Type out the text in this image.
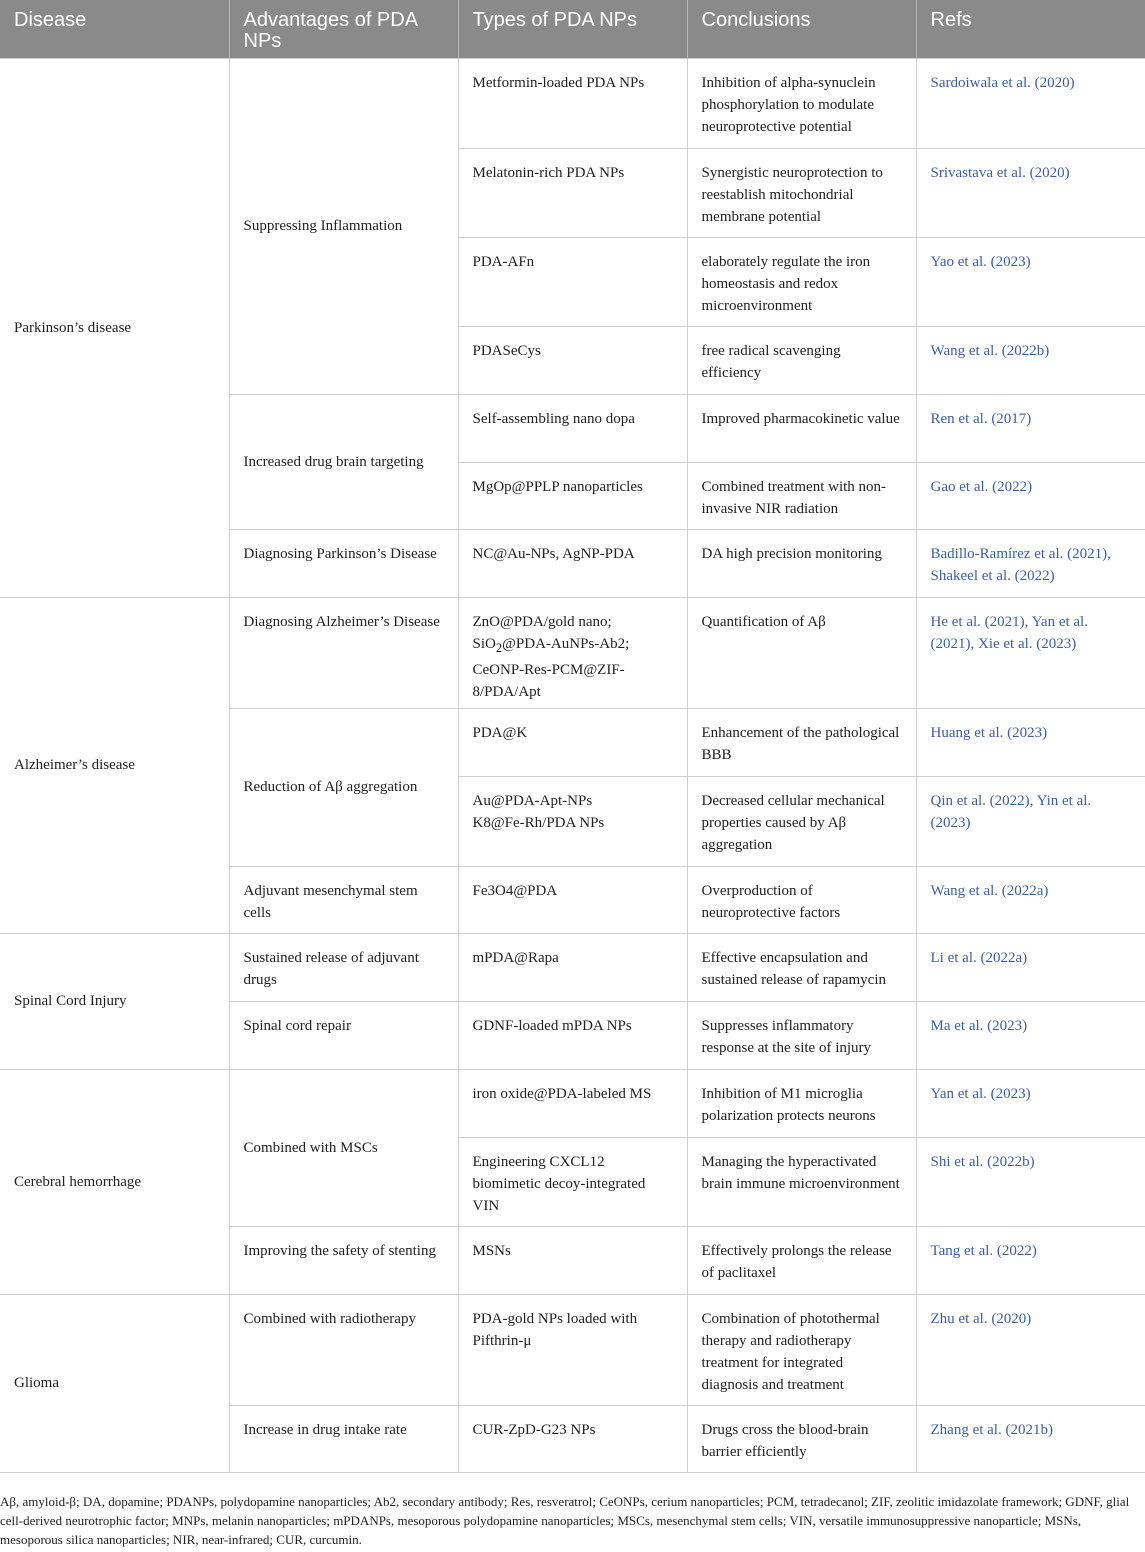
Disease	Advantages of PDA NPs	Types of PDA NPs	Conclusions	Refs
Parkinson’s disease	Suppressing Inflammation	Metformin-loaded PDA NPs	Inhibition of alpha-synuclein phosphorylation to modulate neuroprotective potential	Sardoiwala et al. (2020)
		Melatonin-rich PDA NPs	Synergistic neuroprotection to reestablish mitochondrial membrane potential	Srivastava et al. (2020)
		PDA-AFn	elaborately regulate the iron homeostasis and redox microenvironment	Yao et al. (2023)
		PDASeCys	free radical scavenging efficiency	Wang et al. (2022b)
	Increased drug brain targeting	Self-assembling nano dopa	Improved pharmacokinetic value	Ren et al. (2017)
		MgOp@PPLP nanoparticles	Combined treatment with non-invasive NIR radiation	Gao et al. (2022)
	Diagnosing Parkinson’s Disease	NC@Au-NPs, AgNP-PDA	DA high precision monitoring	Badillo-Ramírez et al. (2021), Shakeel et al. (2022)
Alzheimer’s disease	Diagnosing Alzheimer’s Disease	ZnO@PDA/gold nano;
SiO$_2$@PDA-AuNPs-Ab2;
CeONP-Res-PCM@ZIF-8/PDA/Apt	Quantification of Aβ	He et al. (2021), Yan et al. (2021), Xie et al. (2023)
	Reduction of Aβ aggregation	PDA@K	Enhancement of the pathological BBB	Huang et al. (2023)
		Au@PDA-Apt-NPs
K8@Fe-Rh/PDA NPs	Decreased cellular mechanical properties caused by Aβ aggregation	Qin et al. (2022), Yin et al. (2023)
	Adjuvant mesenchymal stem cells	Fe3O4@PDA	Overproduction of neuroprotective factors	Wang et al. (2022a)
Spinal Cord Injury	Sustained release of adjuvant drugs	mPDA@Rapa	Effective encapsulation and sustained release of rapamycin	Li et al. (2022a)
	Spinal cord repair	GDNF-loaded mPDA NPs	Suppresses inflammatory response at the site of injury	Ma et al. (2023)
Cerebral hemorrhage	Combined with MSCs	iron oxide@PDA-labeled MS	Inhibition of M1 microglia polarization protects neurons	Yan et al. (2023)
		Engineering CXCL12 biomimetic decoy-integrated VIN	Managing the hyperactivated brain immune microenvironment	Shi et al. (2022b)
	Improving the safety of stenting	MSNs	Effectively prolongs the release of paclitaxel	Tang et al. (2022)
Glioma	Combined with radiotherapy	PDA-gold NPs loaded with Pifthrin-μ	Combination of photothermal therapy and radiotherapy treatment for integrated diagnosis and treatment	Zhu et al. (2020)
	Increase in drug intake rate	CUR-ZpD-G23 NPs	Drugs cross the blood-brain barrier efficiently	Zhang et al. (2021b)
Aβ, amyloid-β; DA, dopamine; PDANPs, polydopamine nanoparticles; Ab2, secondary antibody; Res, resveratrol; CeONPs, cerium nanoparticles; PCM, tetradecanol; ZIF, zeolitic imidazolate framework; GDNF, glial cell-derived neurotrophic factor; MNPs, melanin nanoparticles; mPDANPs, mesoporous polydopamine nanoparticles; MSCs, mesenchymal stem cells; VIN, versatile immunosuppressive nanoparticle; MSNs, mesoporous silica nanoparticles; NIR, near-infrared; CUR, curcumin.
